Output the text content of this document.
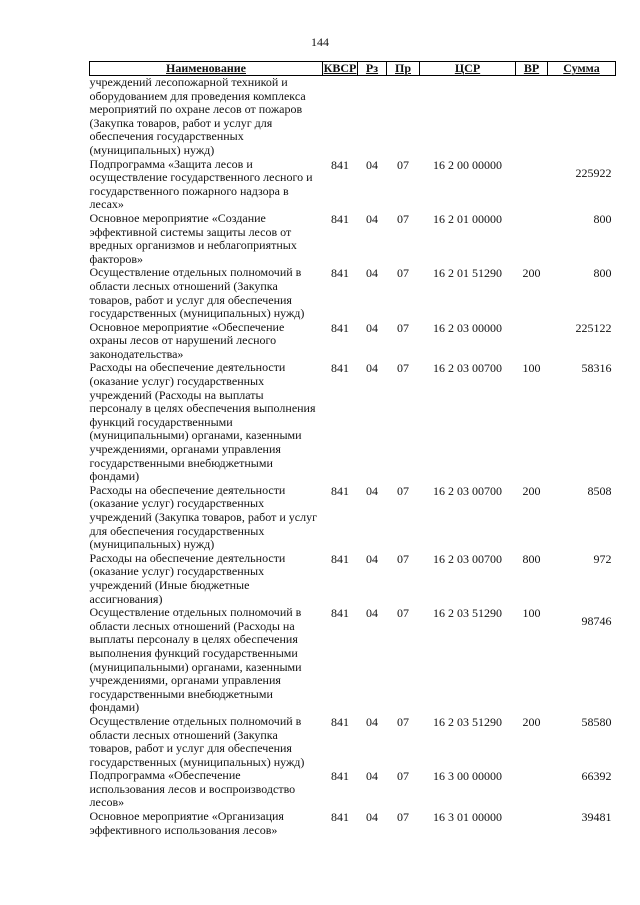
144
Наименование	КВСР	Рз	Пр	ЦСР	ВР	Сумма
учреждений лесопожарной техникой и оборудованием для проведения комплекса мероприятий по охране лесов от пожаров (Закупка товаров, работ и услуг для обеспечения государственных (муниципальных) нужд)						
Подпрограмма «Защита лесов и осуществление государственного лесного и государственного пожарного надзора в лесах»	841	04	07	16 2 00 00000		225922
Основное мероприятие «Создание эффективной системы защиты лесов от вредных организмов и неблагоприятных факторов»	841	04	07	16 2 01 00000		800
Осуществление отдельных полномочий в области лесных отношений (Закупка товаров, работ и услуг для обеспечения государственных (муниципальных) нужд)	841	04	07	16 2 01 51290	200	800
Основное мероприятие «Обеспечение охраны лесов от нарушений лесного законодательства»	841	04	07	16 2 03 00000		225122
Расходы на обеспечение деятельности (оказание услуг) государственных учреждений (Расходы на выплаты персоналу в целях обеспечения выполнения функций государственными (муниципальными) органами, казенными учреждениями, органами управления государственными внебюджетными фондами)	841	04	07	16 2 03 00700	100	58316
Расходы на обеспечение деятельности (оказание услуг) государственных учреждений (Закупка товаров, работ и услуг для обеспечения государственных (муниципальных) нужд)	841	04	07	16 2 03 00700	200	8508
Расходы на обеспечение деятельности (оказание услуг) государственных учреждений (Иные бюджетные ассигнования)	841	04	07	16 2 03 00700	800	972
Осуществление отдельных полномочий в области лесных отношений (Расходы на выплаты персоналу в целях обеспечения выполнения функций государственными (муниципальными) органами, казенными учреждениями, органами управления государственными внебюджетными фондами)	841	04	07	16 2 03 51290	100	98746
Осуществление отдельных полномочий в области лесных отношений (Закупка товаров, работ и услуг для обеспечения государственных (муниципальных) нужд)	841	04	07	16 2 03 51290	200	58580
Подпрограмма «Обеспечение использования лесов и воспроизводство лесов»	841	04	07	16 3 00 00000		66392
Основное мероприятие «Организация эффективного использования лесов»	841	04	07	16 3 01 00000		39481
